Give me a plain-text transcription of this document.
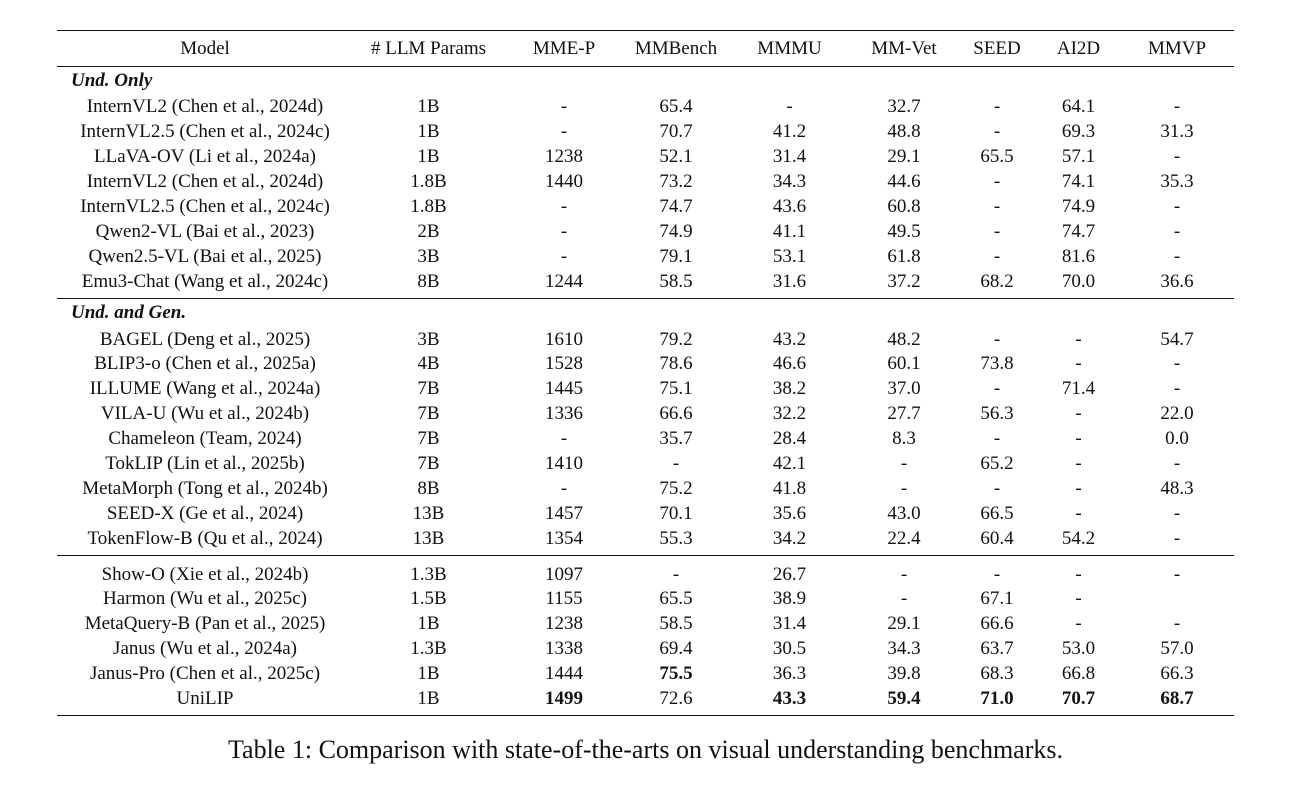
Model	# LLM Params	MME-P	MMBench	MMMU	MM-Vet	SEED	AI2D	MMVP
Und. Only								
InternVL2 (Chen et al., 2024d)	1B	-	65.4	-	32.7	-	64.1	-
InternVL2.5 (Chen et al., 2024c)	1B	-	70.7	41.2	48.8	-	69.3	31.3
LLaVA-OV (Li et al., 2024a)	1B	1238	52.1	31.4	29.1	65.5	57.1	-
InternVL2 (Chen et al., 2024d)	1.8B	1440	73.2	34.3	44.6	-	74.1	35.3
InternVL2.5 (Chen et al., 2024c)	1.8B	-	74.7	43.6	60.8	-	74.9	-
Qwen2-VL (Bai et al., 2023)	2B	-	74.9	41.1	49.5	-	74.7	-
Qwen2.5-VL (Bai et al., 2025)	3B	-	79.1	53.1	61.8	-	81.6	-
Emu3-Chat (Wang et al., 2024c)	8B	1244	58.5	31.6	37.2	68.2	70.0	36.6
Und. and Gen.								
BAGEL (Deng et al., 2025)	3B	1610	79.2	43.2	48.2	-	-	54.7
BLIP3-o (Chen et al., 2025a)	4B	1528	78.6	46.6	60.1	73.8	-	-
ILLUME (Wang et al., 2024a)	7B	1445	75.1	38.2	37.0	-	71.4	-
VILA-U (Wu et al., 2024b)	7B	1336	66.6	32.2	27.7	56.3	-	22.0
Chameleon (Team, 2024)	7B	-	35.7	28.4	8.3	-	-	0.0
TokLIP (Lin et al., 2025b)	7B	1410	-	42.1	-	65.2	-	-
MetaMorph (Tong et al., 2024b)	8B	-	75.2	41.8	-	-	-	48.3
SEED-X (Ge et al., 2024)	13B	1457	70.1	35.6	43.0	66.5	-	-
TokenFlow-B (Qu et al., 2024)	13B	1354	55.3	34.2	22.4	60.4	54.2	-
Show-O (Xie et al., 2024b)	1.3B	1097	-	26.7	-	-	-	-
Harmon (Wu et al., 2025c)	1.5B	1155	65.5	38.9	-	67.1	-	
MetaQuery-B (Pan et al., 2025)	1B	1238	58.5	31.4	29.1	66.6	-	-
Janus (Wu et al., 2024a)	1.3B	1338	69.4	30.5	34.3	63.7	53.0	57.0
Janus-Pro (Chen et al., 2025c)	1B	1444	75.5	36.3	39.8	68.3	66.8	66.3
UniLIP	1B	1499	72.6	43.3	59.4	71.0	70.7	68.7
Table 1: Comparison with state-of-the-arts on visual understanding benchmarks.
